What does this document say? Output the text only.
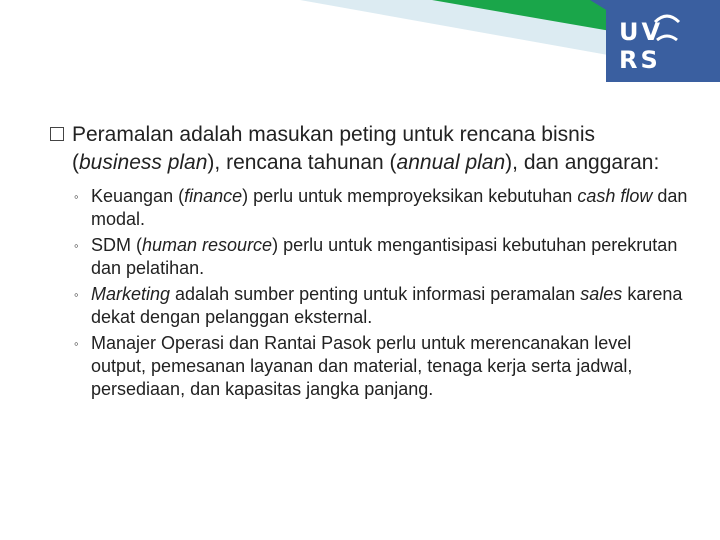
UVRS
Peramalan adalah masukan peting untuk rencana bisnis (business plan), rencana tahunan (annual plan), dan anggaran:
◦ Keuangan (finance) perlu untuk memproyeksikan kebutuhan cash flow dan modal.
◦ SDM (human resource) perlu untuk mengantisipasi kebutuhan perekrutan dan pelatihan.
◦ Marketing adalah sumber penting untuk informasi peramalan sales karena dekat dengan pelanggan eksternal.
◦ Manajer Operasi dan Rantai Pasok perlu untuk merencanakan level output, pemesanan layanan dan material, tenaga kerja serta jadwal, persediaan, dan kapasitas jangka panjang.
